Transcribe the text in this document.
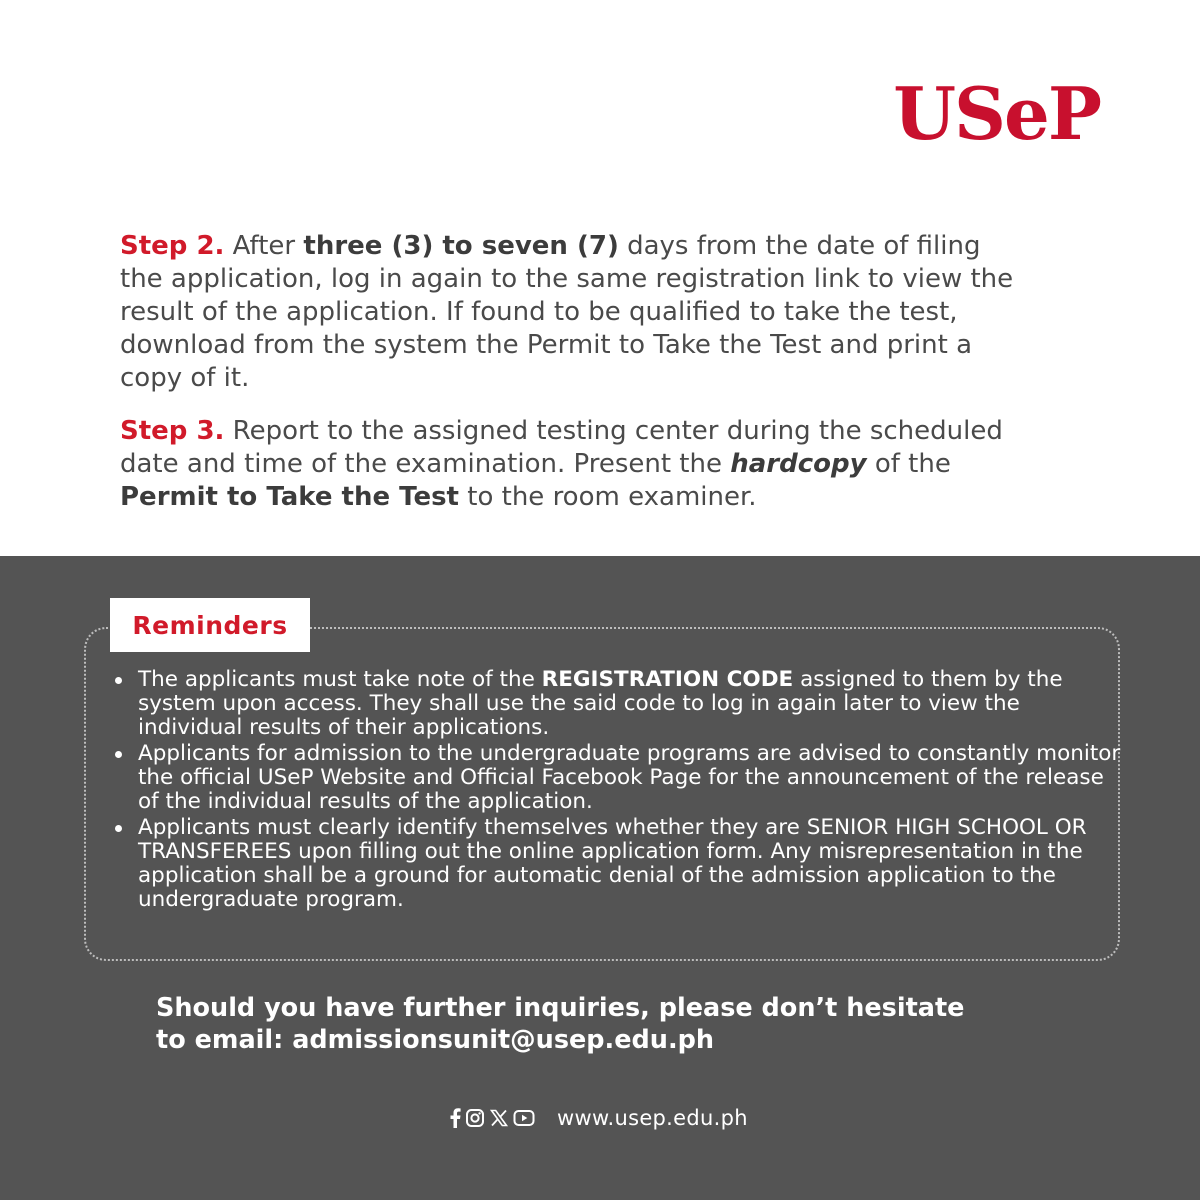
USeP

Step 2. After three (3) to seven (7) days from the date of filing the application, log in again to the same registration link to view the result of the application. If found to be qualified to take the test, download from the system the Permit to Take the Test and print a copy of it.

Step 3. Report to the assigned testing center during the scheduled date and time of the examination. Present the hardcopy of the Permit to Take the Test to the room examiner.

Reminders
The applicants must take note of the REGISTRATION CODE assigned to them by the system upon access. They shall use the said code to log in again later to view the individual results of their applications.
Applicants for admission to the undergraduate programs are advised to constantly monitor the official USeP Website and Official Facebook Page for the announcement of the release of the individual results of the application.
Applicants must clearly identify themselves whether they are SENIOR HIGH SCHOOL OR TRANSFEREES upon filling out the online application form. Any misrepresentation in the application shall be a ground for automatic denial of the admission application to the undergraduate program.
Should you have further inquiries, please don’t hesitate
to email: admissionsunit@usep.edu.ph
www.usep.edu.ph
